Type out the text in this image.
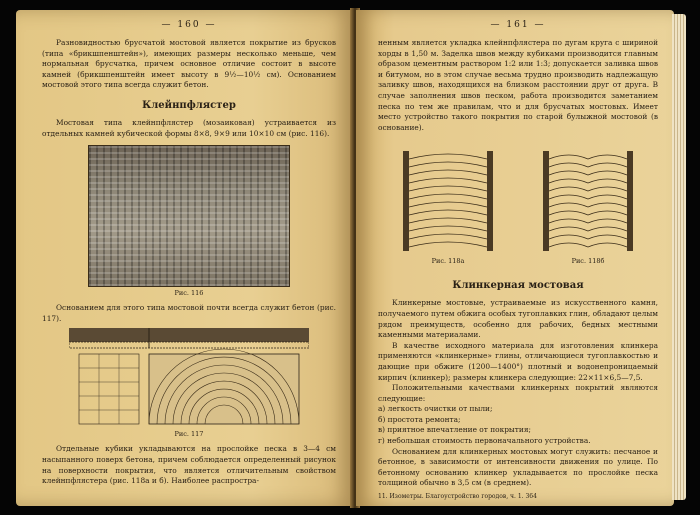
— 160 —

Разновидностью брусчатой мостовой является покрытие из брусков (типа «брикшпенштейн»), имеющих размеры несколько меньше, чем нормальная брусчатка, причем основное отличие состоит в высоте камней (брикшпенштейн имеет высоту в 9½—10½ см). Основанием мостовой этого типа всегда служит бетон.

Клейнпфлястер

Мостовая типа клейнпфлястер (мозаиковая) устраивается из отдельных камней кубической формы 8×8, 9×9 или 10×10 см (рис. 116).

Рис. 116

Основанием для этого типа мостовой почти всегда служит бетон (рис. 117).

Рис. 117

Отдельные кубики укладываются на прослойке песка в 3—4 см насыпанного поверх бетона, причем соблюдается определенный рисунок на поверхности покрытия, что является отличительным свойством клейнпфлястера (рис. 118а и б). Наиболее распростра-

— 161 —

ненным является укладка клейнпфлястера по дугам круга с шириной хорды в 1,50 м. Заделка швов между кубиками производится главным образом цементным раствором 1:2 или 1:3; допускается заливка швов и битумом, но в этом случае весьма трудно производить надлежащую заливку швов, находящихся на близком расстоянии друг от друга. В случае заполнения швов песком, работа производится заметанием песка по тем же правилам, что и для брусчатых мостовых. Имеет место устройство такого покрытия по старой булыжной мостовой (в основание).

Рис. 118а	Рис. 118б
Клинкерная мостовая

Клинкерные мостовые, устраиваемые из искусственного камня, получаемого путем обжига особых тугоплавких глин, обладают целым рядом преимуществ, особенно для рабочих, бедных местными каменными материалами.

В качестве исходного материала для изготовления клинкера применяются «клинкерные» глины, отличающиеся тугоплавкостью и дающие при обжиге (1200—1400°) плотный и водонепроницаемый кирпич (клинкер); размеры клинкера следующие: 22×11×6,5—7,5.

Положительными качествами клинкерных покрытий являются следующие:

а) легкость очистки от пыли;

б) простота ремонта;

в) приятное впечатление от покрытия;

г) небольшая стоимость первоначального устройства.

Основанием для клинкерных мостовых могут служить: песчаное и бетонное, в зависимости от интенсивности движения по улице. По бетонному основанию клинкер укладывается по прослойке песка толщиной обычно в 3,5 см (в среднем).

11. Изометры. Благоустройство городов, ч. 1. 364
